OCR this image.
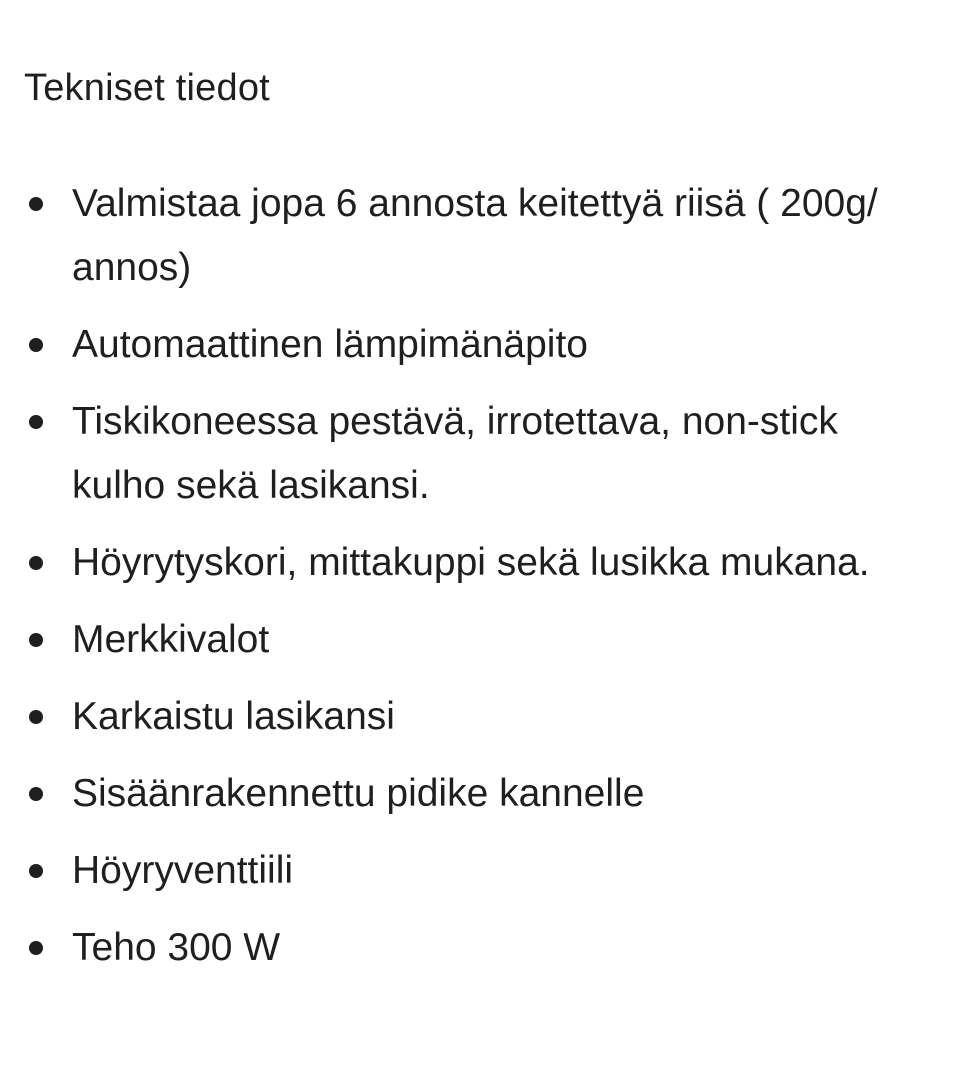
Tekniset tiedot
Valmistaa jopa 6 annosta keitettyä riisä ( 200g/ annos)
Automaattinen lämpimänäpito
Tiskikoneessa pestävä, irrotettava, non-stick kulho sekä lasikansi.
Höyrytyskori, mittakuppi sekä lusikka mukana.
Merkkivalot
Karkaistu lasikansi
Sisäänrakennettu pidike kannelle
Höyryventtiili
Teho 300 W
